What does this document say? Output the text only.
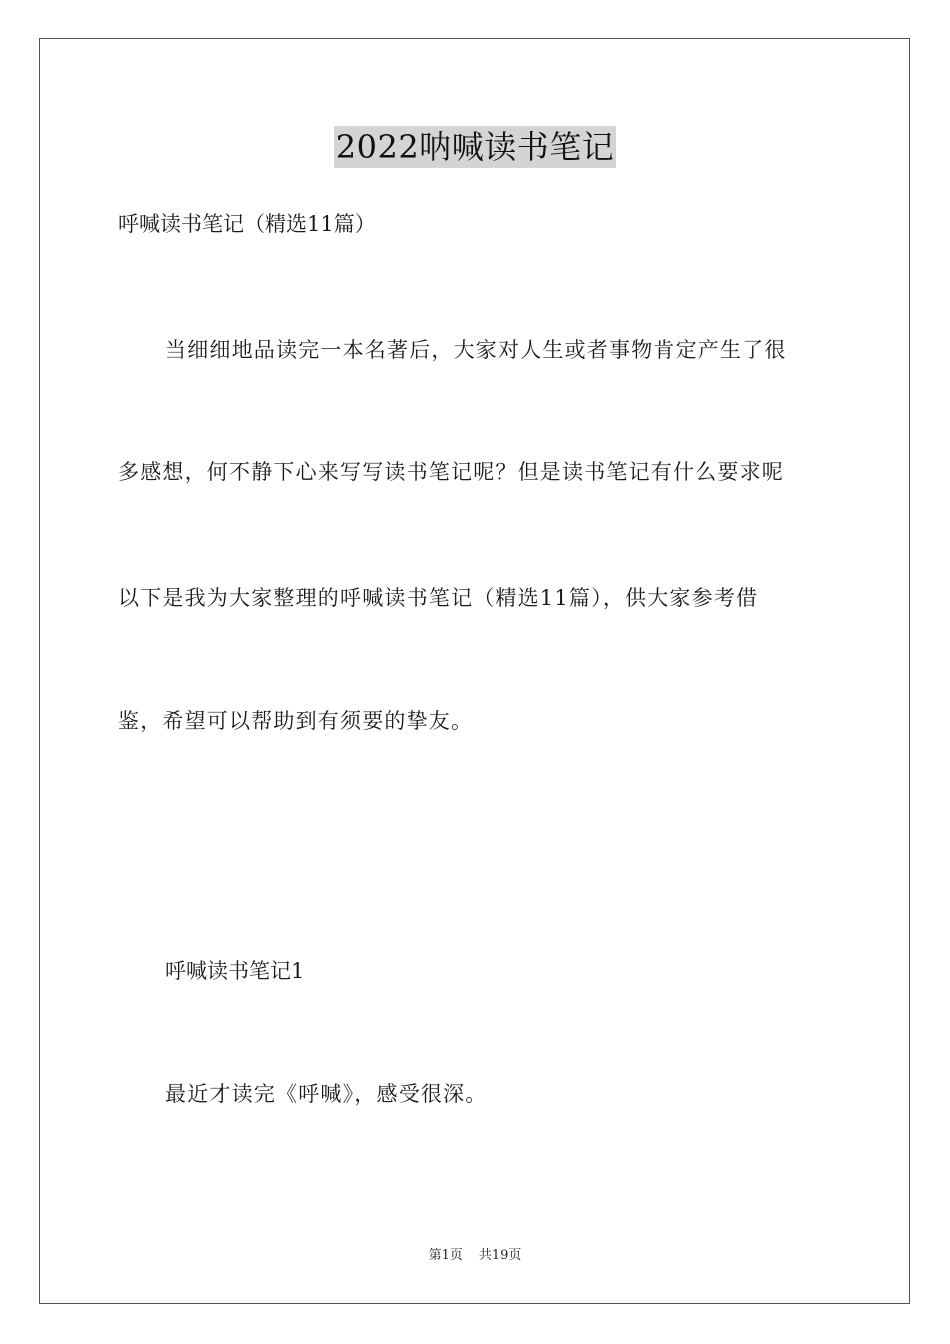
2022呐喊读书笔记
呼喊读书笔记（精选11篇）
当细细地品读完一本名著后，大家对人生或者事物肯定产生了很
多感想，何不静下心来写写读书笔记呢？但是读书笔记有什么要求呢
以下是我为大家整理的呼喊读书笔记（精选11篇），供大家参考借
鉴，希望可以帮助到有须要的挚友。
呼喊读书笔记1
最近才读完《呼喊》，感受很深。
第1页 共19页
